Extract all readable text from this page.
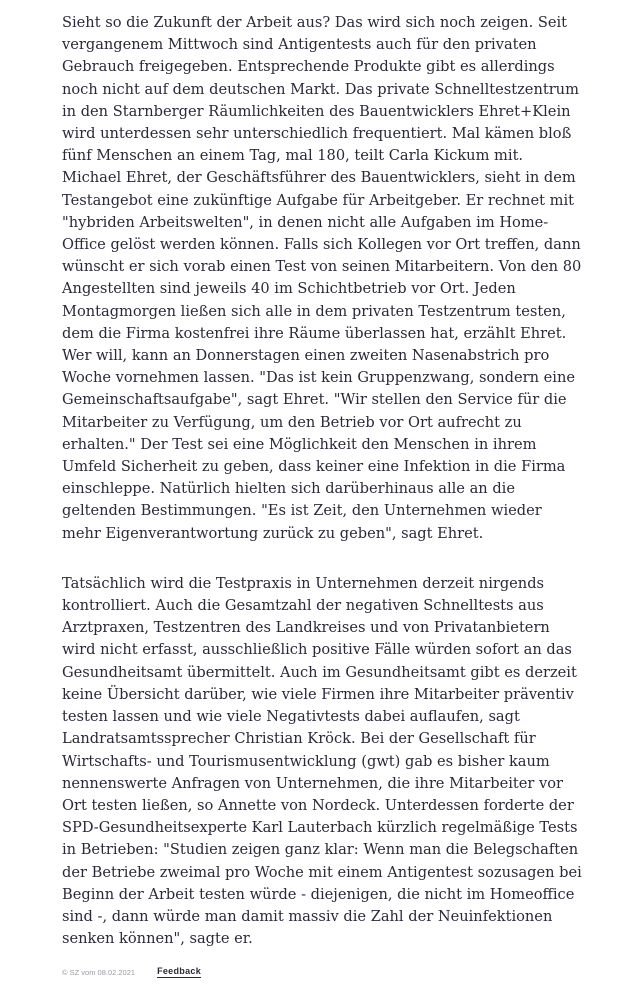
Sieht so die Zukunft der Arbeit aus? Das wird sich noch zeigen. Seit vergangenem Mittwoch sind Antigentests auch für den privaten Gebrauch freigegeben. Entsprechende Produkte gibt es allerdings noch nicht auf dem deutschen Markt. Das private Schnelltestzentrum in den Starnberger Räumlichkeiten des Bauentwicklers Ehret+Klein wird unterdessen sehr unterschiedlich frequentiert. Mal kämen bloß fünf Menschen an einem Tag, mal 180, teilt Carla Kickum mit. Michael Ehret, der Geschäftsführer des Bauentwicklers, sieht in dem Testangebot eine zukünftige Aufgabe für Arbeitgeber. Er rechnet mit "hybriden Arbeitswelten", in denen nicht alle Aufgaben im Home-Office gelöst werden können. Falls sich Kollegen vor Ort treffen, dann wünscht er sich vorab einen Test von seinen Mitarbeitern. Von den 80 Angestellten sind jeweils 40 im Schichtbetrieb vor Ort. Jeden Montagmorgen ließen sich alle in dem privaten Testzentrum testen, dem die Firma kostenfrei ihre Räume überlassen hat, erzählt Ehret. Wer will, kann an Donnerstagen einen zweiten Nasenabstrich pro Woche vornehmen lassen. "Das ist kein Gruppenzwang, sondern eine Gemeinschaftsaufgabe", sagt Ehret. "Wir stellen den Service für die Mitarbeiter zu Verfügung, um den Betrieb vor Ort aufrecht zu erhalten." Der Test sei eine Möglichkeit den Menschen in ihrem Umfeld Sicherheit zu geben, dass keiner eine Infektion in die Firma einschleppe. Natürlich hielten sich darüberhinaus alle an die geltenden Bestimmungen. "Es ist Zeit, den Unternehmen wieder mehr Eigenverantwortung zurück zu geben", sagt Ehret.

Tatsächlich wird die Testpraxis in Unternehmen derzeit nirgends kontrolliert. Auch die Gesamtzahl der negativen Schnelltests aus Arztpraxen, Testzentren des Landkreises und von Privatanbietern wird nicht erfasst, ausschließlich positive Fälle würden sofort an das Gesundheitsamt übermittelt. Auch im Gesundheitsamt gibt es derzeit keine Übersicht darüber, wie viele Firmen ihre Mitarbeiter präventiv testen lassen und wie viele Negativtests dabei auflaufen, sagt Landratsamtssprecher Christian Kröck. Bei der Gesellschaft für Wirtschafts- und Tourismusentwicklung (gwt) gab es bisher kaum nennenswerte Anfragen von Unternehmen, die ihre Mitarbeiter vor Ort testen ließen, so Annette von Nordeck. Unterdessen forderte der SPD-Gesundheitsexperte Karl Lauterbach kürzlich regelmäßige Tests in Betrieben: "Studien zeigen ganz klar: Wenn man die Belegschaften der Betriebe zweimal pro Woche mit einem Antigentest sozusagen bei Beginn der Arbeit testen würde - diejenigen, die nicht im Homeoffice sind -, dann würde man damit massiv die Zahl der Neuinfektionen senken können", sagte er.

© SZ vom 08.02.2021 Feedback
